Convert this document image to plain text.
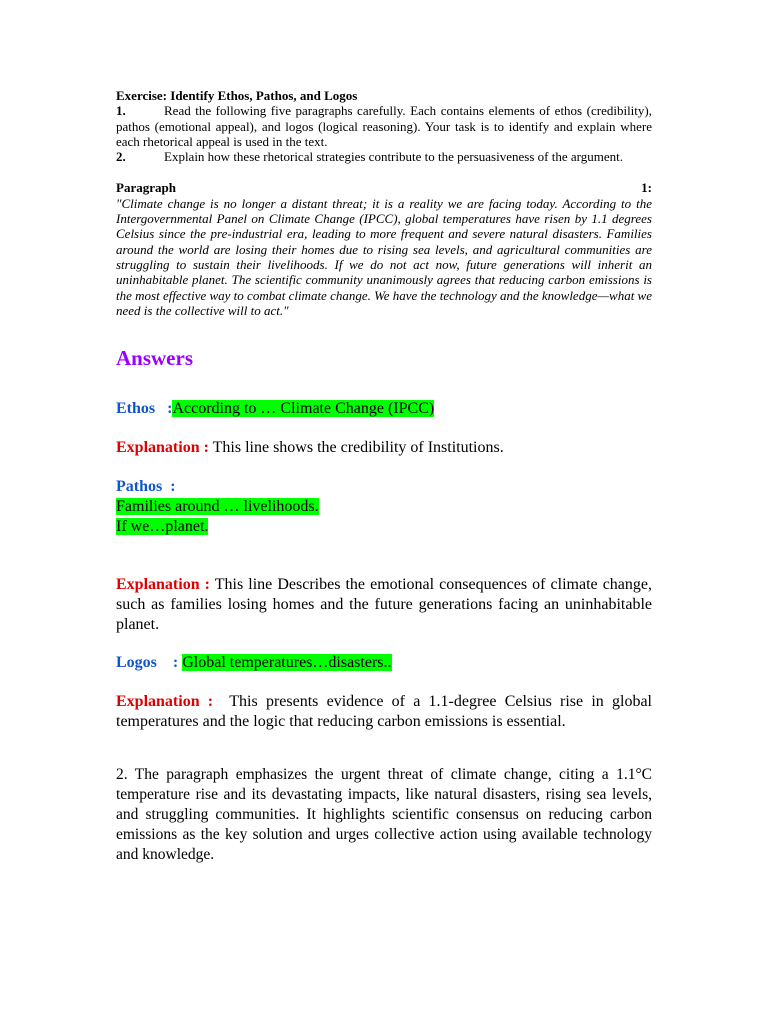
Exercise: Identify Ethos, Pathos, and Logos

1.	Read the following five paragraphs carefully. Each contains elements of ethos (credibility), pathos (emotional appeal), and logos (logical reasoning). Your task is to identify and explain where each rhetorical appeal is used in the text.

2.	Explain how these rhetorical strategies contribute to the persuasiveness of the argument.

Paragraph	1:

"Climate change is no longer a distant threat; it is a reality we are facing today. According to the Intergovernmental Panel on Climate Change (IPCC), global temperatures have risen by 1.1 degrees Celsius since the pre-industrial era, leading to more frequent and severe natural disasters. Families around the world are losing their homes due to rising sea levels, and agricultural communities are struggling to sustain their livelihoods. If we do not act now, future generations will inherit an uninhabitable planet. The scientific community unanimously agrees that reducing carbon emissions is the most effective way to combat climate change. We have the technology and the knowledge—what we need is the collective will to act."

Answers

Ethos :According to … Climate Change (IPCC)

Explanation : This line shows the credibility of Institutions.

Pathos :
Families around … livelihoods.
If we…planet.

Explanation : This line Describes the emotional consequences of climate change, such as families losing homes and the future generations facing an uninhabitable planet.

Logos : Global temperatures…disasters..

Explanation : This presents evidence of a 1.1-degree Celsius rise in global temperatures and the logic that reducing carbon emissions is essential.

2. The paragraph emphasizes the urgent threat of climate change, citing a 1.1°C temperature rise and its devastating impacts, like natural disasters, rising sea levels, and struggling communities. It highlights scientific consensus on reducing carbon emissions as the key solution and urges collective action using available technology and knowledge.
